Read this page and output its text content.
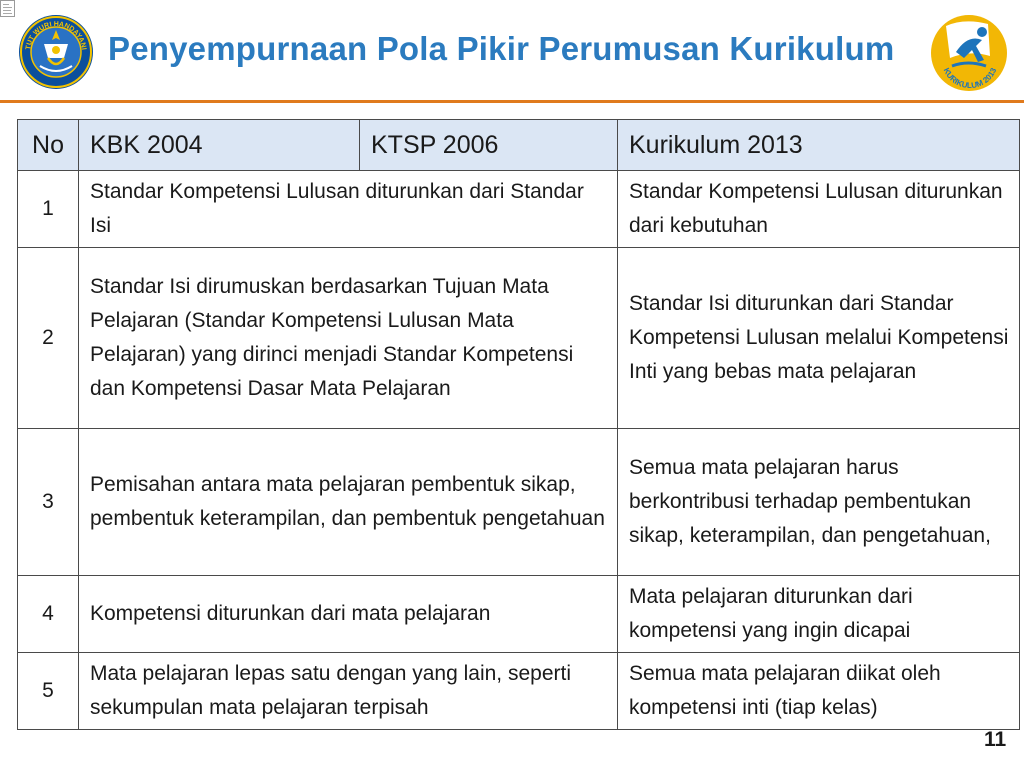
TUT WURI HANDAYANI Penyempurnaan Pola Pikir Perumusan Kurikulum
KURIKULUM 2013
No	KBK 2004	KTSP 2006	Kurikulum 2013
1	Standar Kompetensi Lulusan diturunkan dari Standar Isi		Standar Kompetensi Lulusan diturunkan dari kebutuhan
2	Standar Isi dirumuskan berdasarkan Tujuan Mata Pelajaran (Standar Kompetensi Lulusan Mata Pelajaran) yang dirinci menjadi Standar Kompetensi dan Kompetensi Dasar Mata Pelajaran		Standar Isi diturunkan dari Standar Kompetensi Lulusan melalui Kompetensi Inti yang bebas mata pelajaran
3	Pemisahan antara mata pelajaran pembentuk sikap, pembentuk keterampilan, dan pembentuk pengetahuan		Semua mata pelajaran harus berkontribusi terhadap pembentukan sikap, keterampilan, dan pengetahuan,
4	Kompetensi diturunkan dari mata pelajaran		Mata pelajaran diturunkan dari kompetensi yang ingin dicapai
5	Mata pelajaran lepas satu dengan yang lain, seperti sekumpulan mata pelajaran terpisah		Semua mata pelajaran diikat oleh kompetensi inti (tiap kelas)
11
